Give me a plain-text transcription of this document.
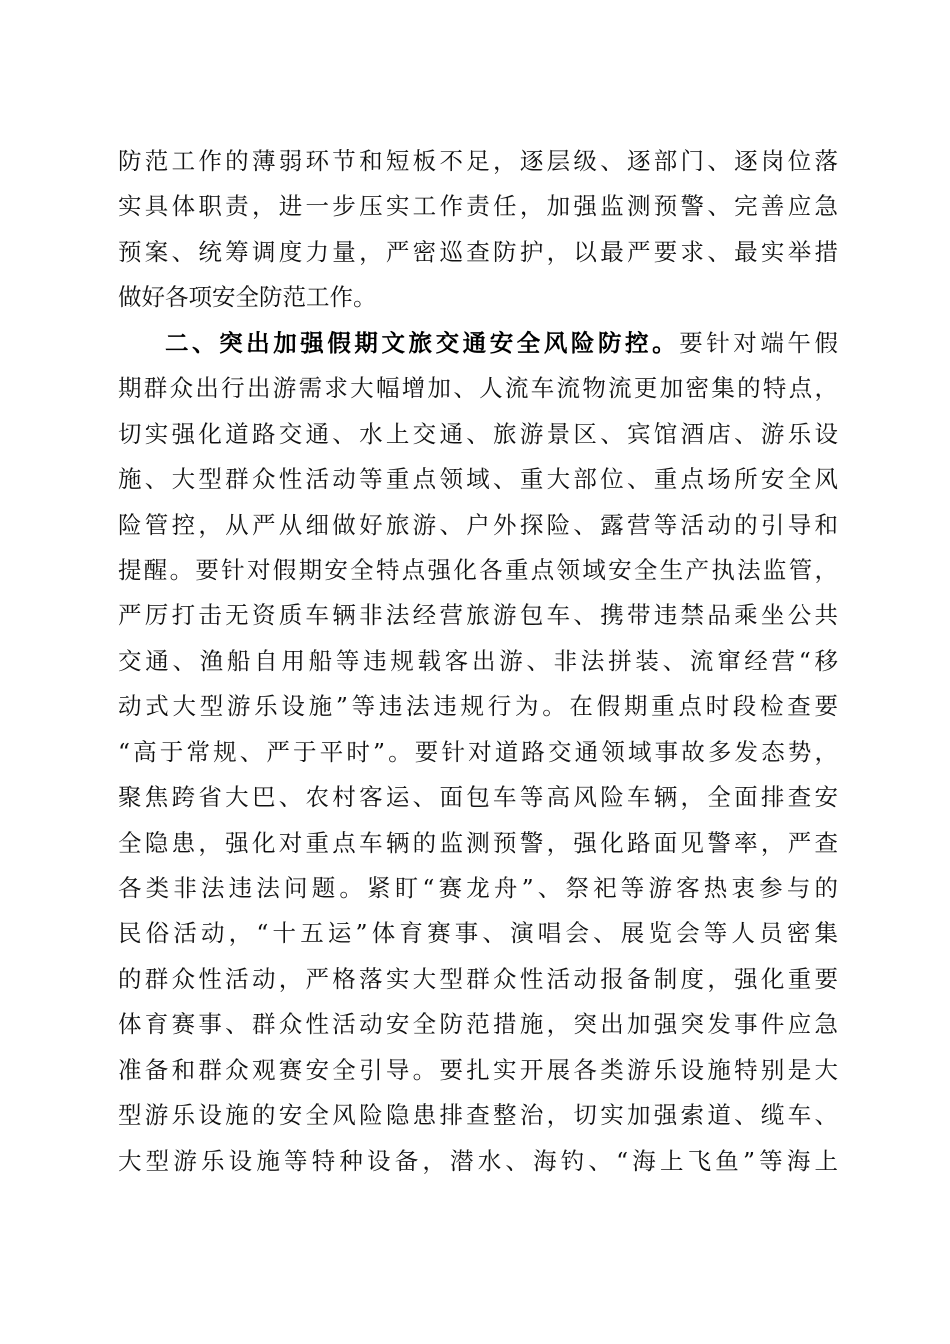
防范工作的薄弱环节和短板不足，逐层级、逐部门、逐岗位落
实具体职责，进一步压实工作责任，加强监测预警、完善应急
预案、统筹调度力量，严密巡查防护，以最严要求、最实举措
做好各项安全防范工作。
二、突出加强假期文旅交通安全风险防控。要针对端午假
期群众出行出游需求大幅增加、人流车流物流更加密集的特点，
切实强化道路交通、水上交通、旅游景区、宾馆酒店、游乐设
施、大型群众性活动等重点领域、重大部位、重点场所安全风
险管控，从严从细做好旅游、户外探险、露营等活动的引导和
提醒。要针对假期安全特点强化各重点领域安全生产执法监管，
严厉打击无资质车辆非法经营旅游包车、携带违禁品乘坐公共
交通、渔船自用船等违规载客出游、非法拼装、流窜经营“移
动式大型游乐设施”等违法违规行为。在假期重点时段检查要
“高于常规、严于平时”。要针对道路交通领域事故多发态势，
聚焦跨省大巴、农村客运、面包车等高风险车辆，全面排查安
全隐患，强化对重点车辆的监测预警，强化路面见警率，严查
各类非法违法问题。紧盯“赛龙舟”、祭祀等游客热衷参与的
民俗活动，“十五运”体育赛事、演唱会、展览会等人员密集
的群众性活动，严格落实大型群众性活动报备制度，强化重要
体育赛事、群众性活动安全防范措施，突出加强突发事件应急
准备和群众观赛安全引导。要扎实开展各类游乐设施特别是大
型游乐设施的安全风险隐患排查整治，切实加强索道、缆车、
大型游乐设施等特种设备，潜水、海钓、“海上飞鱼”等海上
